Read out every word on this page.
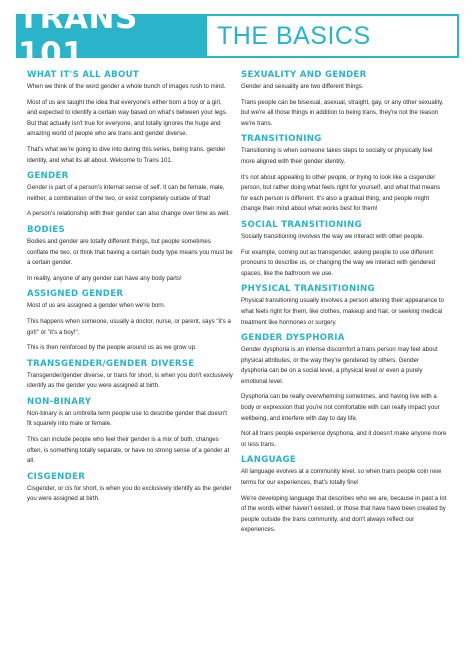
TRANS 101
THE BASICS
WHAT IT'S ALL ABOUT

When we think of the word gender a whole bunch of images rush to mind.

Most of us are taught the idea that everyone's either born a boy or a girl, and expected to identify a certain way based on what's between your legs. But that actually isn't true for everyone, and totally ignores the huge and amazing world of people who are trans and gender diverse.

That's what we're going to dive into during this series, being trans, gender identity, and what its all about. Welcome to Trans 101.

GENDER

Gender is part of a person's internal sense of self. It can be female, male, neither, a combination of the two, or exist completely outside of that!

A person's relationship with their gender can also change over time as well.

BODIES

Bodies and gender are totally different things, but people sometimes conflate the two, or think that having a certain body type means you must be a certain gender.

In reality, anyone of any gender can have any body parts!

ASSIGNED GENDER

Most of us are assigned a gender when we're born.

This happens when someone, usually a doctor, nurse, or parent, says "it's a girl!" or "it's a boy!".

This is then reinforced by the people around us as we grow up.

TRANSGENDER/GENDER DIVERSE

Transgender/gender diverse, or trans for short, is when you don't exclusively identify as the gender you were assigned at birth.

NON-BINARY

Non-binary is an umbrella term people use to describe gender that doesn't fit squarely into male or female.

This can include people who feel their gender is a mix of both, changes often, is something totally separate, or have no strong sense of a gender at all.

CISGENDER

Cisgender, or cis for short, is when you do exclusively identify as the gender you were assigned at birth.

SEXUALITY AND GENDER

Gender and sexuality are two different things.

Trans people can be bisexual, asexual, straight, gay, or any other sexuality, but we're all those things in addition to being trans, they're not the reason we're trans.

TRANSITIONING

Transitioning is when someone takes steps to socially or physically feel more aligned with their gender identity.

It's not about appealing to other people, or trying to look like a cisgender person, but rather doing what feels right for yourself, and what that means for each person is different. It's also a gradual thing, and people might change their mind about what works best for them!

SOCIAL TRANSITIONING

Socially transitioning involves the way we interact with other people.

For example, coming out as transgender, asking people to use different pronouns to describe us, or changing the way we interact with gendered spaces, like the bathroom we use.

PHYSICAL TRANSITIONING

Physical transitioning usually involves a person altering their appearance to what feels right for them, like clothes, makeup and hair, or seeking medical treatment like hormones or surgery.

GENDER DYSPHORIA

Gender dysphoria is an intense discomfort a trans person may feel about physical attributes, or the way they're gendered by others. Gender dysphoria can be on a social level, a physical level or even a purely emotional level.

Dysphoria can be really overwhelming sometimes, and having live with a body or expression that you're not comfortable with can really impact your wellbeing, and interfere with day to day life.

Not all trans people experience dysphoria, and it doesn't make anyone more or less trans.

LANGUAGE

All language evolves at a community level, so when trans people coin new terms for our experiences, that's totally fine!

We're developing language that describes who we are, because in past a lot of the words either haven't existed, or those that have have been created by people outside the trans community, and don't always reflect our experiences.
